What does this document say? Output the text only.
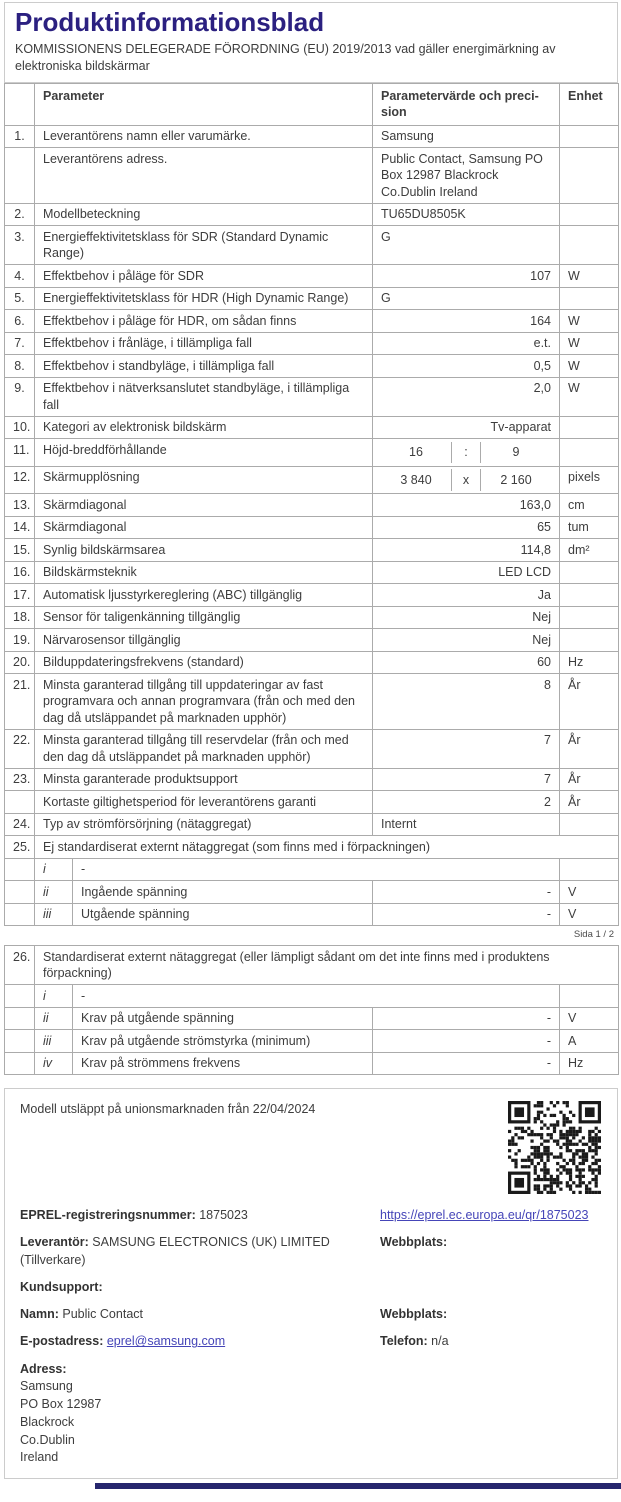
Produktinformationsblad

KOMMISSIONENS DELEGERADE FÖRORDNING (EU) 2019/2013 vad gäller energimärkning av elektroniska bildskärmar

	Parameter		Parametervärde och precision	Enhet
1.	Leverantörens namn eller varumärke.		Samsung	
	Leverantörens adress.		Public Contact, Samsung PO Box 12987 Blackrock Co.Dublin Ireland	
2.	Modellbeteckning		TU65DU8505K	
3.	Energieffektivitetsklass för SDR (Standard Dynamic Range)		G	
4.	Effektbehov i påläge för SDR		107	W
5.	Energieffektivitetsklass för HDR (High Dynamic Range)		G	
6.	Effektbehov i påläge för HDR, om sådan finns		164	W
7.	Effektbehov i frånläge, i tillämpliga fall		e.t.	W
8.	Effektbehov i standbyläge, i tillämpliga fall		0,5	W
9.	Effektbehov i nätverksanslutet standbyläge, i tillämpliga fall		2,0	W
10.	Kategori av elektronisk bildskärm		Tv-apparat	
11.	Höjd-breddförhållande		16 : 9	

12.	Skärmupplösning		3 840 x 2 160	pixels
13.	Skärmdiagonal		163,0	cm
14.	Skärmdiagonal		65	tum
15.	Synlig bildskärmsarea		114,8	dm²
16.	Bildskärmsteknik		LED LCD	
17.	Automatisk ljusstyrkereglering (ABC) tillgänglig		Ja	
18.	Sensor för taligenkänning tillgänglig		Nej	
19.	Närvarosensor tillgänglig		Nej	
20.	Bilduppdateringsfrekvens (standard)		60	Hz
21.	Minsta garanterad tillgång till uppdateringar av fast programvara och annan programvara (från och med den dag då utsläppandet på marknaden upphör)		8	År
22.	Minsta garanterad tillgång till reservdelar (från och med den dag då utsläppandet på marknaden upphör)		7	År
23.	Minsta garanterade produktsupport		7	År
	Kortaste giltighetsperiod för leverantörens garanti		2	År
24.	Typ av strömförsörjning (nätaggregat)		Internt	
25.	Ej standardiserat externt nätaggregat (som finns med i förpackningen)			
	i	-		
	ii	Ingående spänning	-	V
	iii	Utgående spänning	-	V
Sida 1 / 2
26.	Standardiserat externt nätaggregat (eller lämpligt sådant om det inte finns med i produktens förpackning)			
	i	-		
	ii	Krav på utgående spänning	-	V
	iii	Krav på utgående strömstyrka (minimum)	-	A
	iv	Krav på strömmens frekvens	-	Hz
Modell utsläppt på unionsmarknaden från 22/04/2024
EPREL-registreringsnummer: 1875023	https://eprel.ec.europa.eu/qr/1875023
Leverantör: SAMSUNG ELECTRONICS (UK) LIMITED (Tillverkare)
Webbplats:
Kundsupport:
Namn: Public Contact	Webbplats:
E-postadress: eprel@samsung.com	Telefon: n/a
Adress:
Samsung
PO Box 12987
Blackrock
Co.Dublin
Ireland
